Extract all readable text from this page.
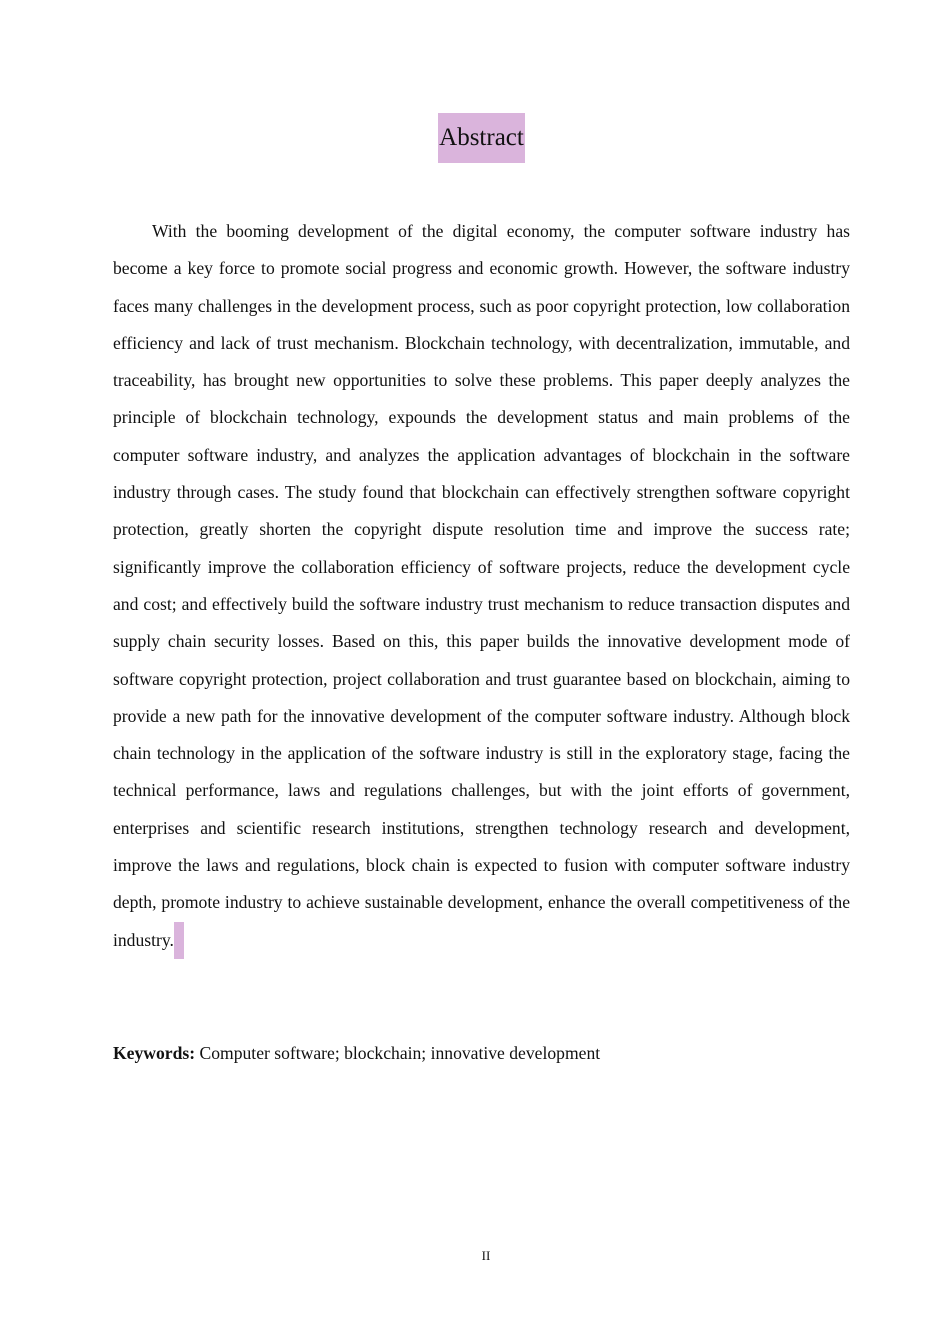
Abstract

With the booming development of the digital economy, the computer software industry has become a key force to promote social progress and economic growth. However, the software industry faces many challenges in the development process, such as poor copyright protection, low collaboration efficiency and lack of trust mechanism. Blockchain technology, with decentralization, immutable, and traceability, has brought new opportunities to solve these problems. This paper deeply analyzes the principle of blockchain technology, expounds the development status and main problems of the computer software industry, and analyzes the application advantages of blockchain in the software industry through cases. The study found that blockchain can effectively strengthen software copyright protection, greatly shorten the copyright dispute resolution time and improve the success rate; significantly improve the collaboration efficiency of software projects, reduce the development cycle and cost; and effectively build the software industry trust mechanism to reduce transaction disputes and supply chain security losses. Based on this, this paper builds the innovative development mode of software copyright protection, project collaboration and trust guarantee based on blockchain, aiming to provide a new path for the innovative development of the computer software industry. Although block chain technology in the application of the software industry is still in the exploratory stage, facing the technical performance, laws and regulations challenges, but with the joint efforts of government, enterprises and scientific research institutions, strengthen technology research and development, improve the laws and regulations, block chain is expected to fusion with computer software industry depth, promote industry to achieve sustainable development, enhance the overall competitiveness of the industry.

Keywords: Computer software; blockchain; innovative development

II
